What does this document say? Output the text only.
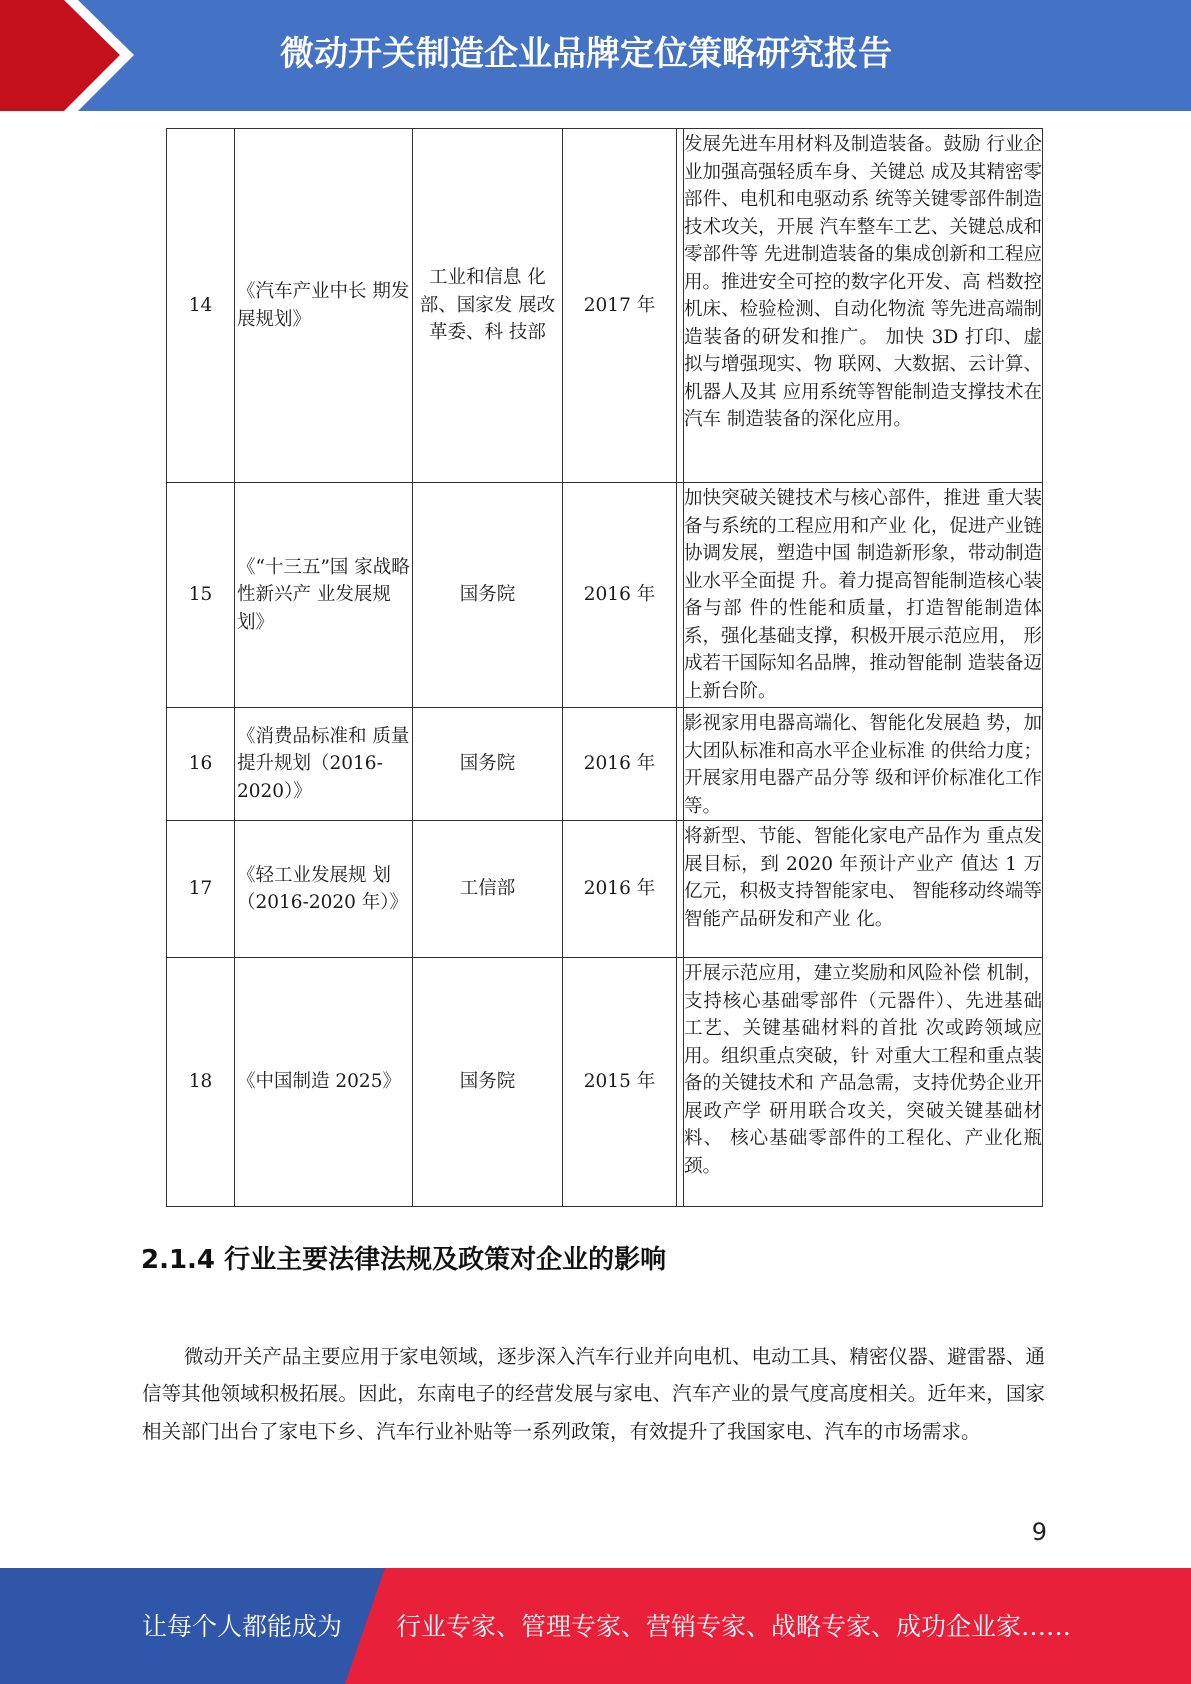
微动开关制造企业品牌定位策略研究报告
14	《汽车产业中长 期发展规划》	工业和信息 化部、国家发 展改革委、科 技部	2017 年		发展先进车用材料及制造装备。鼓励 行业企业加强高强轻质车身、关键总 成及其精密零部件、电机和电驱动系 统等关键零部件制造技术攻关，开展 汽车整车工艺、关键总成和零部件等 先进制造装备的集成创新和工程应 用。推进安全可控的数字化开发、高 档数控机床、检验检测、自动化物流 等先进高端制造装备的研发和推广。 加快 3D 打印、虚拟与增强现实、物 联网、大数据、云计算、机器人及其 应用系统等智能制造支撑技术在汽车 制造装备的深化应用。
15	《“十三五”国 家战略性新兴产 业发展规划》	国务院	2016 年		加快突破关键技术与核心部件，推进 重大装备与系统的工程应用和产业 化，促进产业链协调发展，塑造中国 制造新形象，带动制造业水平全面提 升。着力提高智能制造核心装备与部 件的性能和质量，打造智能制造体系，强化基础支撑，积极开展示范应用， 形成若干国际知名品牌，推动智能制 造装备迈上新台阶。
16	《消费品标准和 质量提升规划（2016-2020）》	国务院	2016 年		影视家用电器高端化、智能化发展趋 势，加大团队标准和高水平企业标准 的供给力度；开展家用电器产品分等 级和评价标准化工作等。
17	《轻工业发展规 划（2016-2020 年）》	工信部	2016 年		将新型、节能、智能化家电产品作为 重点发展目标，到 2020 年预计产业产 值达 1 万亿元，积极支持智能家电、 智能移动终端等智能产品研发和产业 化。
18	《中国制造 2025》	国务院	2015 年		开展示范应用，建立奖励和风险补偿 机制，支持核心基础零部件（元器件）、先进基础工艺、关键基础材料的首批 次或跨领域应用。组织重点突破，针 对重大工程和重点装备的关键技术和 产品急需，支持优势企业开展政产学 研用联合攻关，突破关键基础材料、 核心基础零部件的工程化、产业化瓶 颈。
2.1.4 行业主要法律法规及政策对企业的影响

微动开关产品主要应用于家电领域，逐步深入汽车行业并向电机、电动工具、精密仪器、避雷器、通信等其他领域积极拓展。因此，东南电子的经营发展与家电、汽车产业的景气度高度相关。近年来，国家相关部门出台了家电下乡、汽车行业补贴等一系列政策，有效提升了我国家电、汽车的市场需求。

9
让每个人都能成为 行业专家、管理专家、营销专家、战略专家、成功企业家……
